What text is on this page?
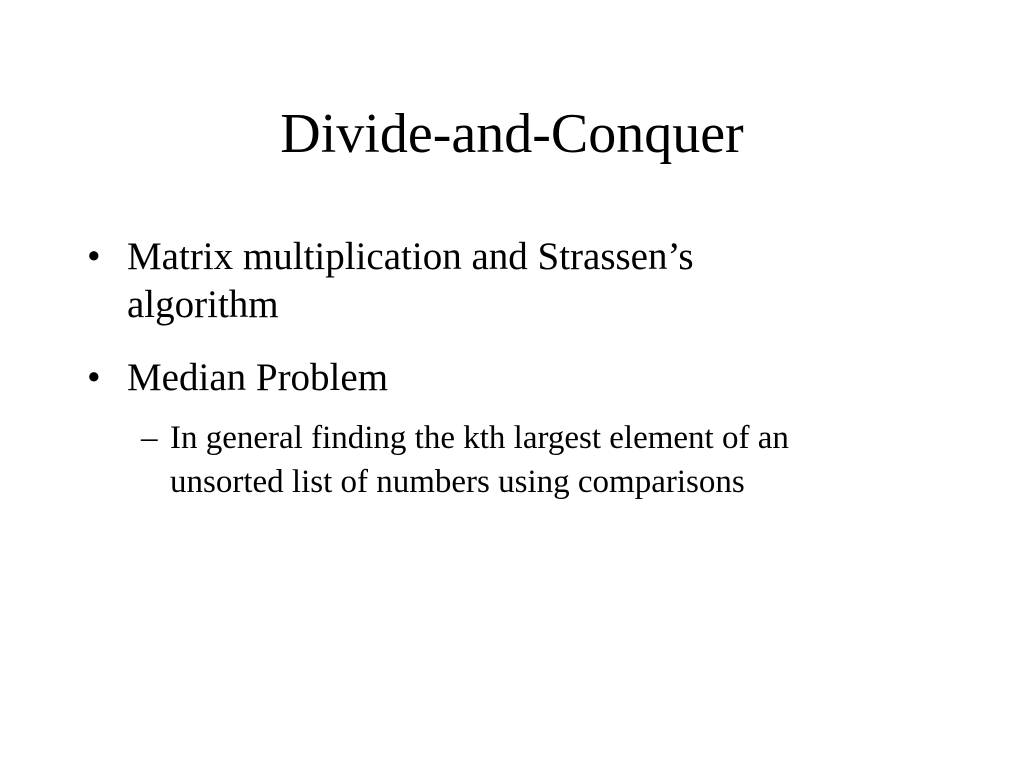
Divide-and-Conquer
• Matrix multiplication and Strassen’s
algorithm
• Median Problem
– In general finding the kth largest element of an
unsorted list of numbers using comparisons
